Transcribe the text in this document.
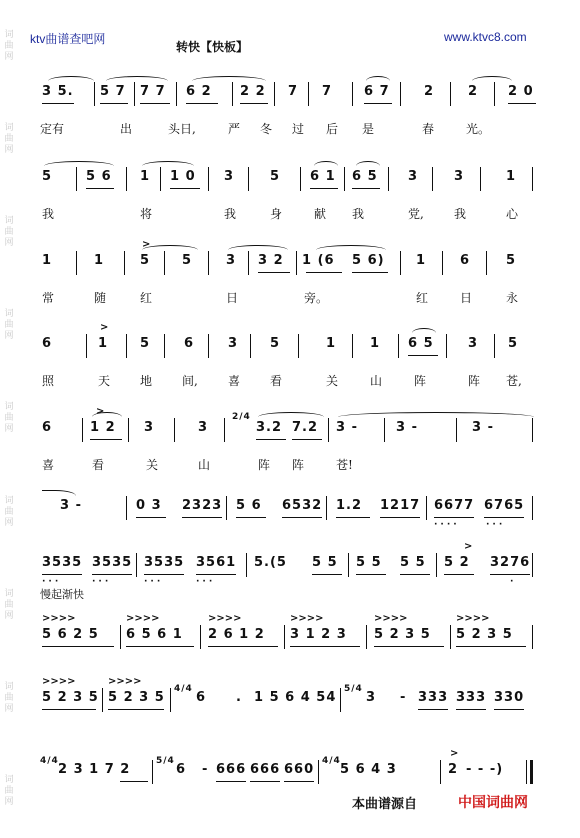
词
曲
网
词
曲
网
词
曲
网
词
曲
网
词
曲
网
词
曲
网
词
曲
网
词
曲
网
词
曲
网
ktv曲谱查吧网	www.ktvc8.com
转快【快板】
3 5. 5 7 7 7 6 2 2 2 7 7 6 7	2	2 2 0
定有	出	头日,	严 冬 过 后 是	春	光。
5	5 6 1 1 0 3	5 6 1 6 5 3	3	1
我	将	我	身	献 我	党,	我	心
1	1	5 5	3 3 2 1 (6 5 6) 1	6	5
>
常	随	红	日	旁。	红	日	永
6	1 5	6	3 5	1	1 6 5	3 5
>
照	天 地 间,	喜 看	关	山	阵	阵 苍,
6	1 2 3	3
2/4
3.2 7.2 3 -	3 -	3 -
>
喜	看	关	山	阵 阵	苍!
3 -	0 3 2323 5 6 6532 1.2 1217 6677 6765
····	···
3535 3535 3535 3561 5.(5 5 5 5 5 5 5 5 2 3276
···	···	···	···
>
·
慢起渐快
>>>>
5 6 2 5
>>>>
6 5 6 1
>>>>
2 6 1 2
>>>>
3 1 2 3
>>>>
5 2 3 5
>>>>
5 2 3 5
>>>>
5 2 3 5
>>>>
5 2 3 5
4/4
6 . 1 5 6 4 54
5/4
3 - 333 333 330
4/4
2 3 1 7 2
5/4
6 - 666 666 660
4/4
5 6 4 3	2 - - -)
>
本曲谱源自	中国词曲网
